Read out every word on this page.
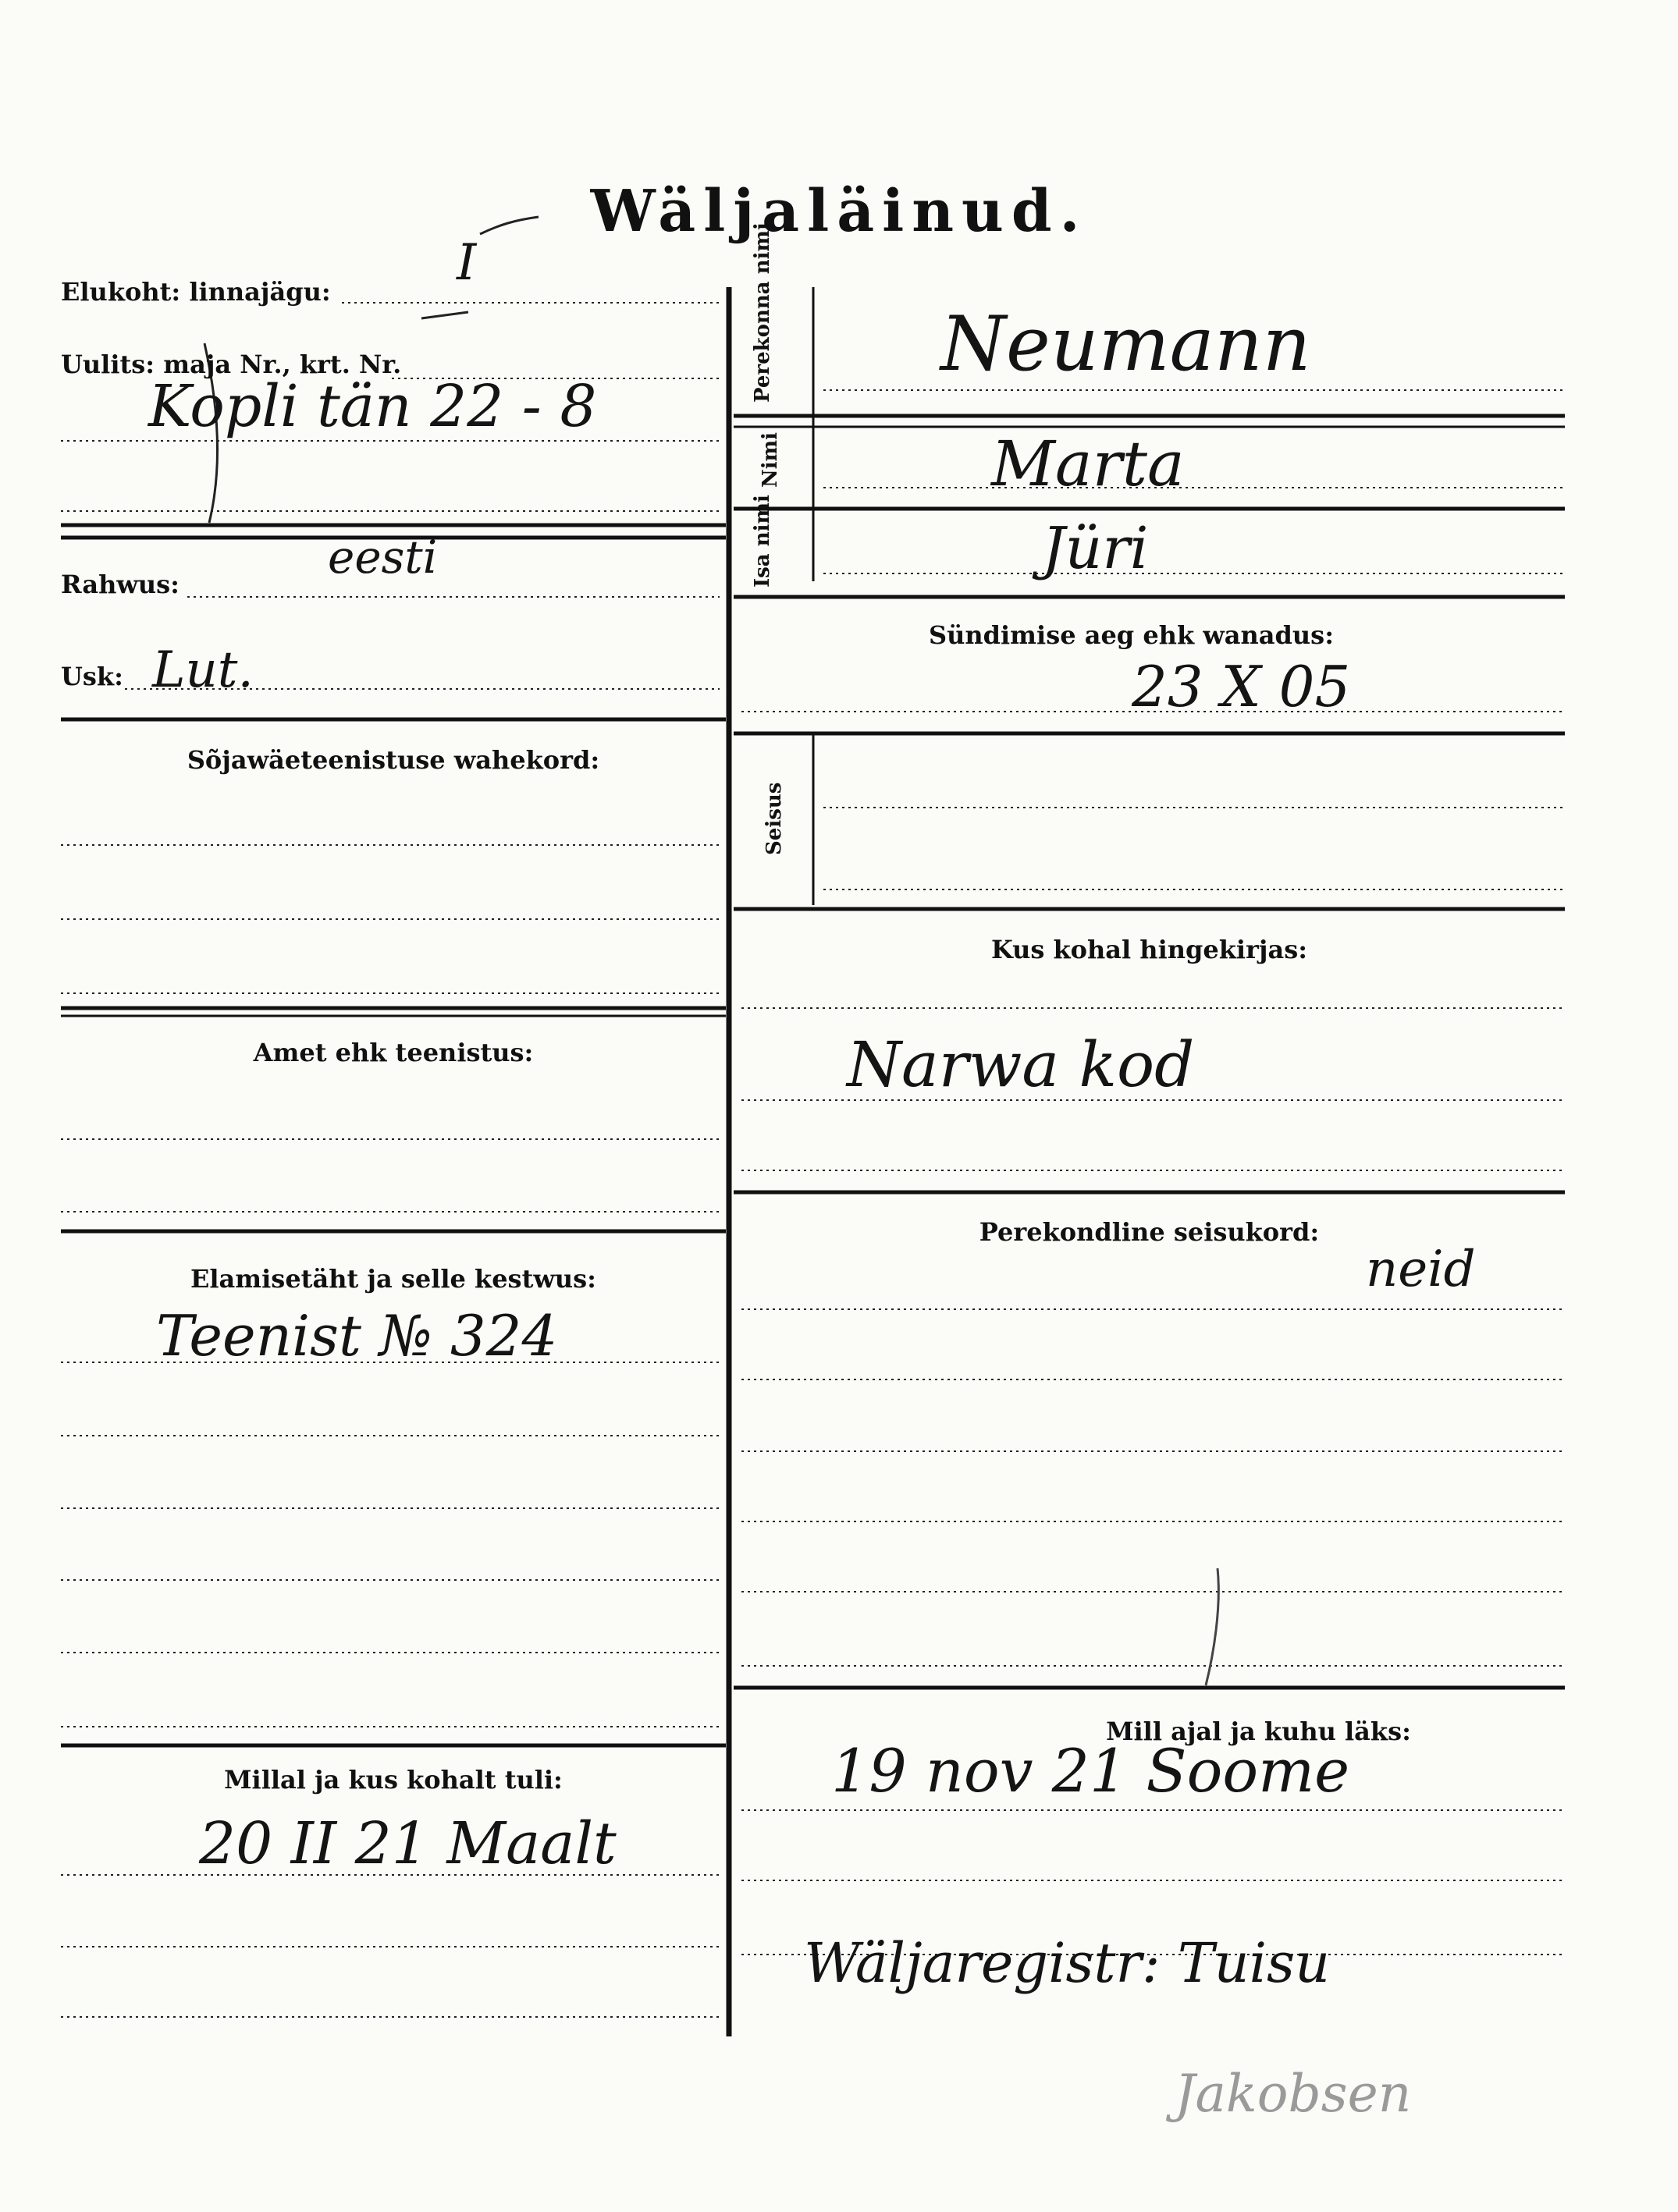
Wäljaläinud.
Elukoht: linnajägu:	I
Uulits: maja Nr., krt. Nr.
Kopli tän 22 - 8
Rahwus:
eesti
Usk: Lut.
Sõjawäeteenistuse wahekord:
Amet ehk teenistus:
Elamisetäht ja selle kestwus:
Teenist № 324
Millal ja kus kohalt tuli:
20 II 21 Maalt
Perekonna nimi	Neumann
Nimi	Marta
Isa nimi	Jüri
Sündimise aeg ehk wanadus:
23 X 05
Seisus
Kus kohal hingekirjas:
Narwa kod
Perekondline seisukord:
neid
Mill ajal ja kuhu läks:
19 nov 21 Soome
Wäljaregistr: Tuisu
Jakobsen
